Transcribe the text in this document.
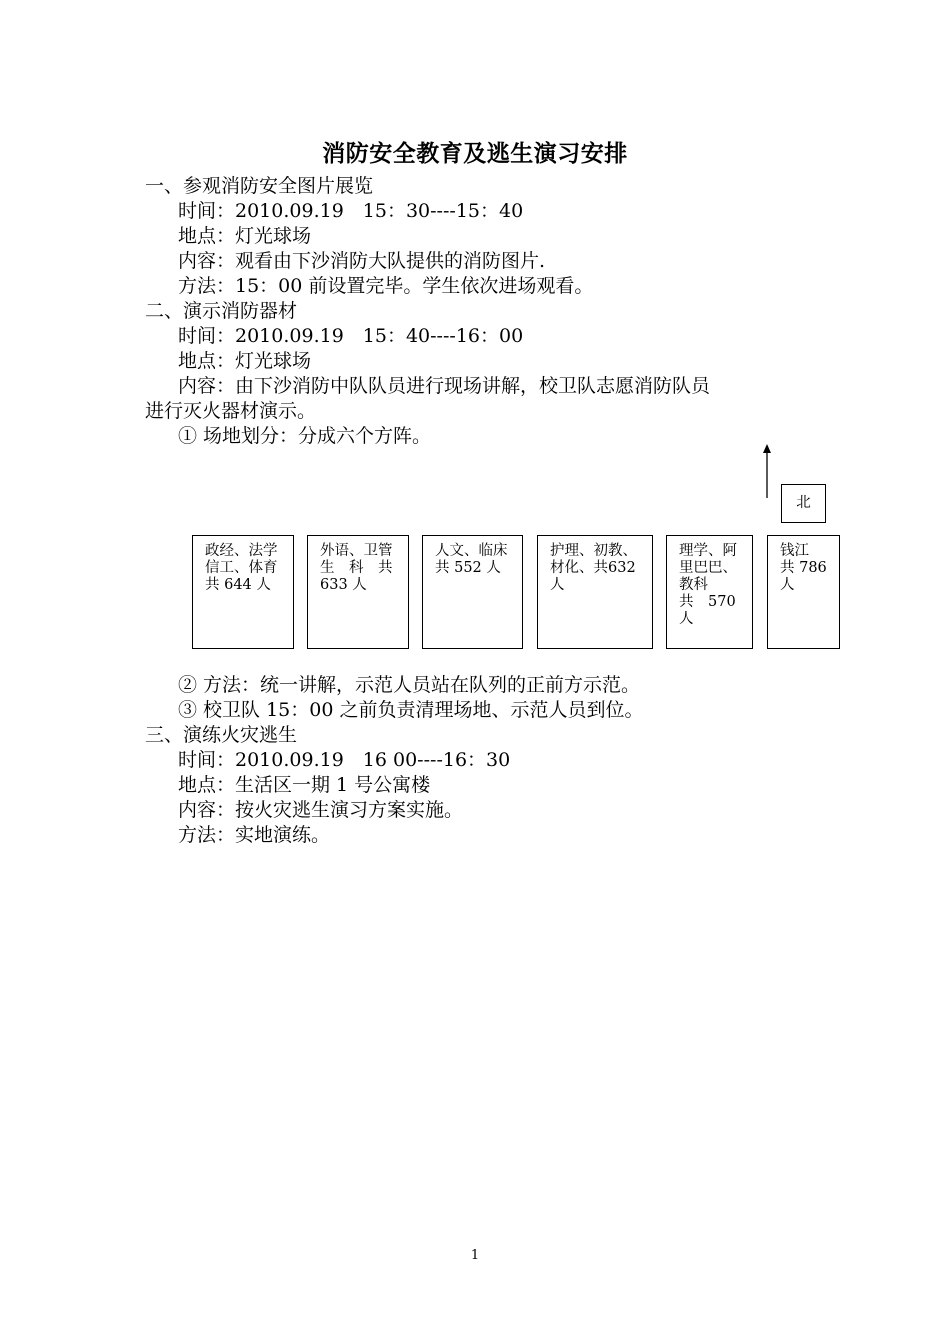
消防安全教育及逃生演习安排
一、参观消防安全图片展览
时间：2010.09.19　15：30----15：40
地点：灯光球场
内容：观看由下沙消防大队提供的消防图片.
方法：15：00 前设置完毕。学生依次进场观看。
二、演示消防器材
时间：2010.09.19　15：40----16：00
地点：灯光球场
内容：由下沙消防中队队员进行现场讲解，校卫队志愿消防队员
进行灭火器材演示。
① 场地划分：分成六个方阵。
北
政经、法学
信工、体育
共 644 人
外语、卫管
生　科　共
633 人
人文、临床
共 552 人
护理、初教、
材化、共632
人
理学、阿
里巴巴、
教科
共　570
人
钱江
共 786
人
② 方法：统一讲解，示范人员站在队列的正前方示范。
③ 校卫队 15：00 之前负责清理场地、示范人员到位。
三、演练火灾逃生
时间：2010.09.19　16 00----16：30
地点：生活区一期 1 号公寓楼
内容：按火灾逃生演习方案实施。
方法：实地演练。
1
